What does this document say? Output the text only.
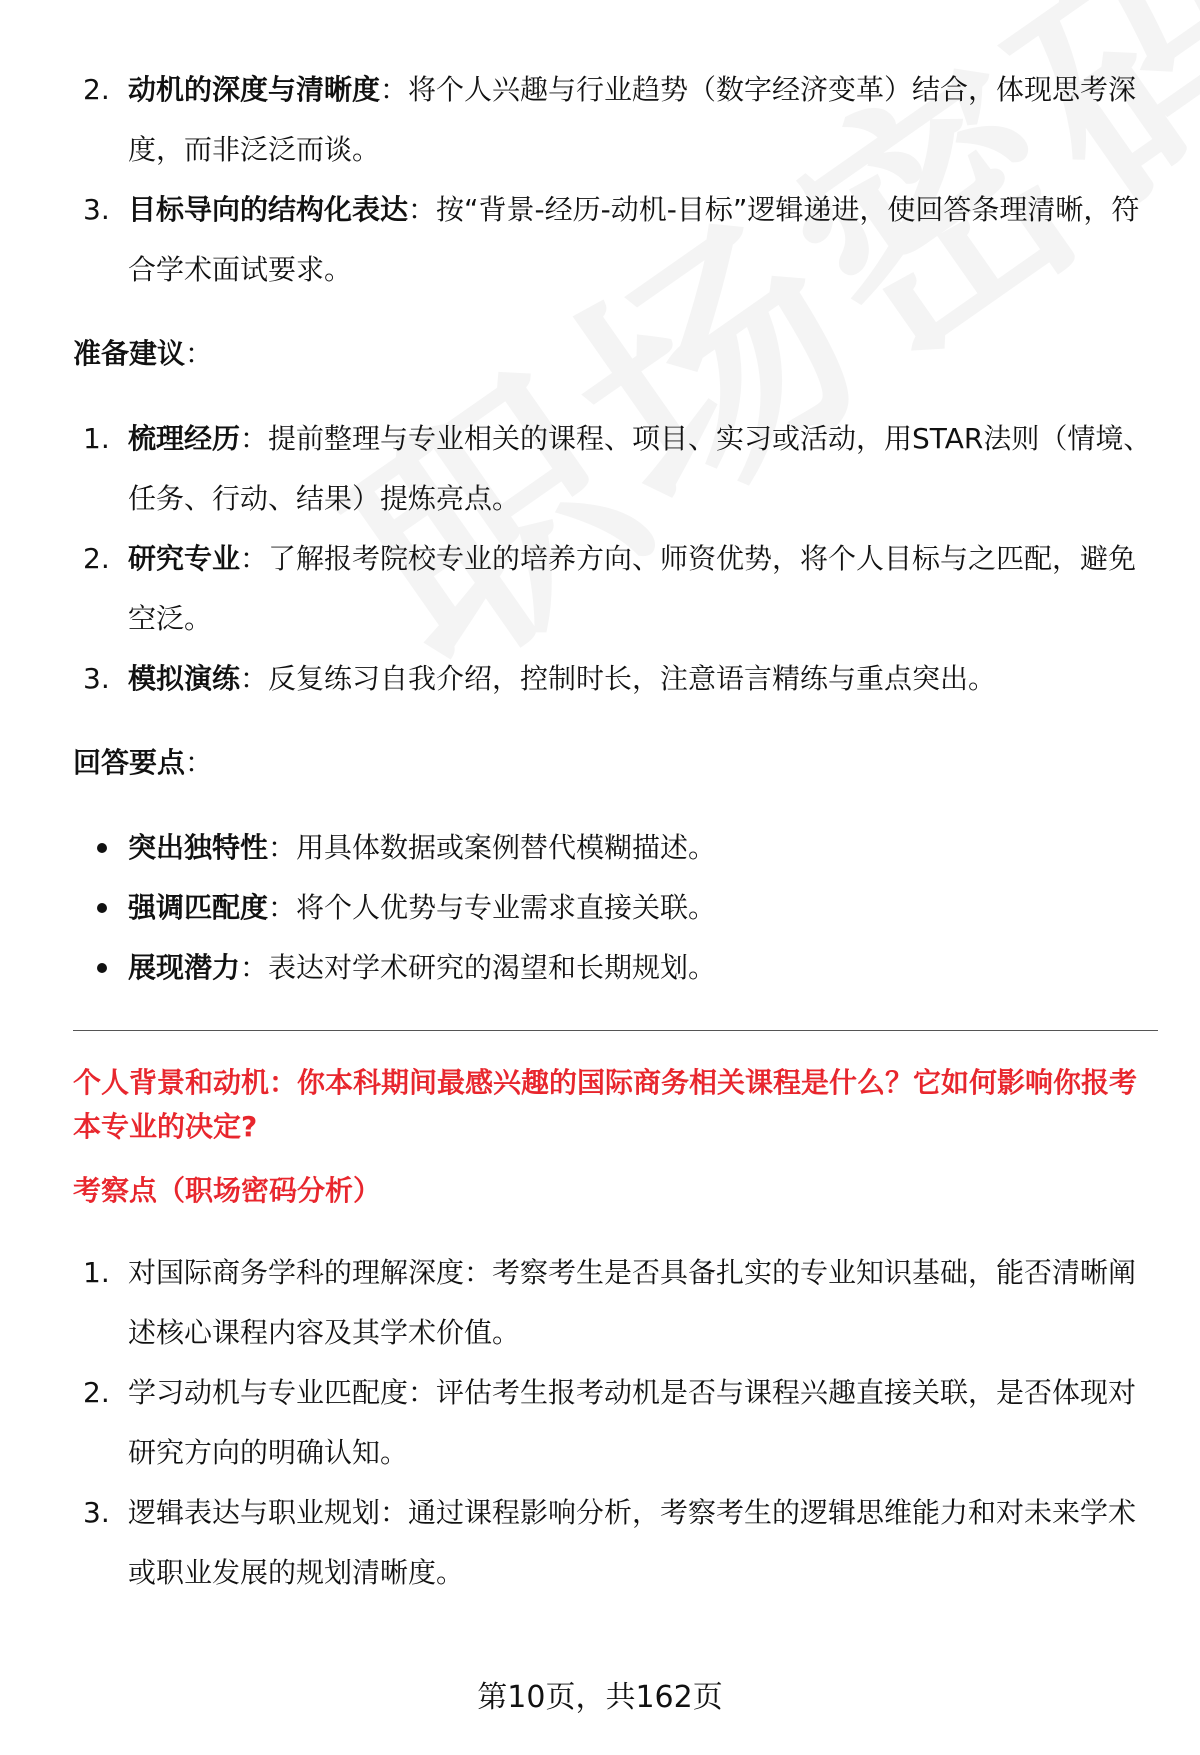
2. 动机的深度与清晰度：将个人兴趣与行业趋势（数字经济变革）结合，体现思考深度，而非泛泛而谈。
3. 目标导向的结构化表达：按“背景-经历-动机-目标”逻辑递进，使回答条理清晰，符合学术面试要求。
准备建议：
1. 梳理经历：提前整理与专业相关的课程、项目、实习或活动，用STAR法则（情境、任务、行动、结果）提炼亮点。
2. 研究专业：了解报考院校专业的培养方向、师资优势，将个人目标与之匹配，避免空泛。
3. 模拟演练：反复练习自我介绍，控制时长，注意语言精练与重点突出。
回答要点：
突出独特性：用具体数据或案例替代模糊描述。
强调匹配度：将个人优势与专业需求直接关联。
展现潜力：表达对学术研究的渴望和长期规划。
个人背景和动机：你本科期间最感兴趣的国际商务相关课程是什么？它如何影响你报考本专业的决定?
考察点（职场密码分析）
1. 对国际商务学科的理解深度：考察考生是否具备扎实的专业知识基础，能否清晰阐述核心课程内容及其学术价值。
2. 学习动机与专业匹配度：评估考生报考动机是否与课程兴趣直接关联，是否体现对研究方向的明确认知。
3. 逻辑表达与职业规划：通过课程影响分析，考察考生的逻辑思维能力和对未来学术或职业发展的规划清晰度。
第10页，共162页
